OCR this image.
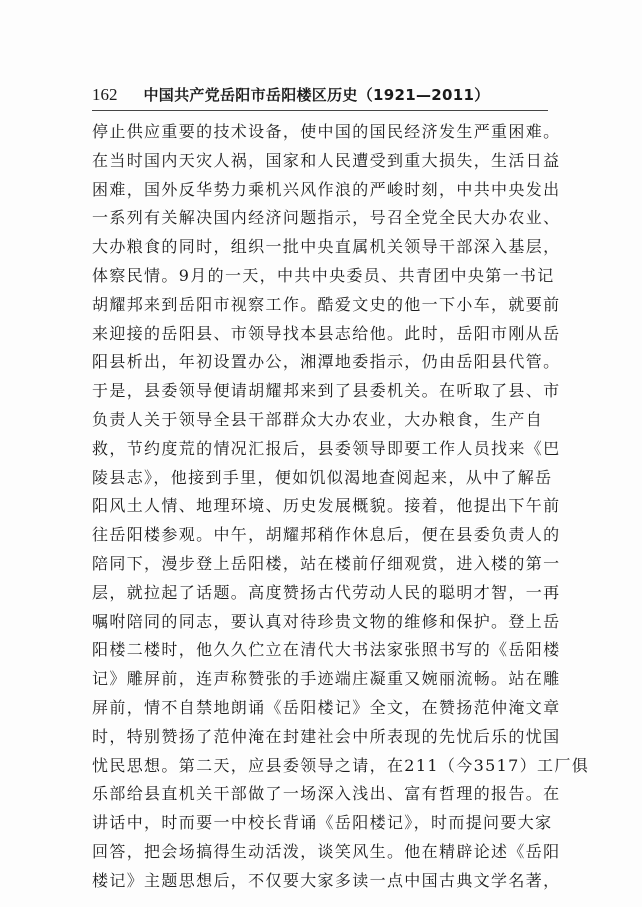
162 中国共产党岳阳市岳阳楼区历史（1921—2011）
停止供应重要的技术设备，使中国的国民经济发生严重困难。
在当时国内天灾人祸，国家和人民遭受到重大损失，生活日益
困难，国外反华势力乘机兴风作浪的严峻时刻，中共中央发出
一系列有关解决国内经济问题指示，号召全党全民大办农业、
大办粮食的同时，组织一批中央直属机关领导干部深入基层，
体察民情。9月的一天，中共中央委员、共青团中央第一书记
胡耀邦来到岳阳市视察工作。酷爱文史的他一下小车，就要前
来迎接的岳阳县、市领导找本县志给他。此时，岳阳市刚从岳
阳县析出，年初设置办公，湘潭地委指示，仍由岳阳县代管。
于是，县委领导便请胡耀邦来到了县委机关。在听取了县、市
负责人关于领导全县干部群众大办农业，大办粮食，生产自
救，节约度荒的情况汇报后，县委领导即要工作人员找来《巴
陵县志》，他接到手里，便如饥似渴地查阅起来，从中了解岳
阳风土人情、地理环境、历史发展概貌。接着，他提出下午前
往岳阳楼参观。中午，胡耀邦稍作休息后，便在县委负责人的
陪同下，漫步登上岳阳楼，站在楼前仔细观赏，进入楼的第一
层，就拉起了话题。高度赞扬古代劳动人民的聪明才智，一再
嘱咐陪同的同志，要认真对待珍贵文物的维修和保护。登上岳
阳楼二楼时，他久久伫立在清代大书法家张照书写的《岳阳楼
记》雕屏前，连声称赞张的手迹端庄凝重又婉丽流畅。站在雕
屏前，情不自禁地朗诵《岳阳楼记》全文，在赞扬范仲淹文章
时，特别赞扬了范仲淹在封建社会中所表现的先忧后乐的忧国
忧民思想。第二天，应县委领导之请，在211（今3517）工厂俱
乐部给县直机关干部做了一场深入浅出、富有哲理的报告。在
讲话中，时而要一中校长背诵《岳阳楼记》，时而提问要大家
回答，把会场搞得生动活泼，谈笑风生。他在精辟论述《岳阳
楼记》主题思想后，不仅要大家多读一点中国古典文学名著，
